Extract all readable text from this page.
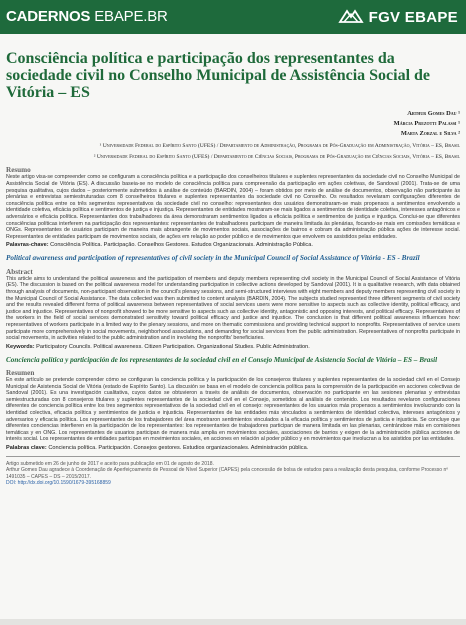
CADERNOS EBAPE.BR	FGV EBAPE
Consciência política e participação dos representantes da sociedade civil no Conselho Municipal de Assistência Social de Vitória – ES
Arthur Gomes Dau ¹
Márcia Prezotti Palassi ¹
Marta Zorzal e Silva ²
¹ Universidade Federal do Espírito Santo (UFES) / Departamento de Administração, Programa de Pós-Graduação em Administração, Vitória – ES, Brasil
² Universidade Federal do Espírito Santo (UFES) / Departamento de Ciências Sociais, Programa de Pós-Graduação em Ciências Sociais, Vitória – ES, Brasil
Resumo

Neste artigo visa-se compreender como se configuram a consciência política e a participação dos conselheiros titulares e suplentes representantes da sociedade civil no Conselho Municipal de Assistência Social de Vitória (ES). A discussão baseia-se no modelo de consciência política para compreensão da participação em ações coletivas, de Sandoval (2001). Trata-se de uma pesquisa qualitativa, cujos dados – posteriormente submetidos à análise de conteúdo (BARDIN, 2004) – foram obtidos por meio de análise de documentos, observação não participante às plenárias e entrevistas semiestruturadas com 8 conselheiros titulares e suplentes representantes da sociedade civil no Conselho. Os resultados revelaram configurações diferentes de consciência política entre os três segmentos representativos da sociedade civil no conselho: representantes dos usuários demonstraram-se mais propensos a sentimentos envolvendo a identidade coletiva, eficácia política e sentimentos de justiça e injustiça. Representantes de entidades mostraram-se mais ligados a sentimentos de identidade coletiva, interesses antagônicos e adversários e eficácia política. Representantes dos trabalhadores da área demonstraram sentimentos ligados a eficácia política e sentimentos de justiça e injustiça. Conclui-se que diferentes consciências políticas interferem na participação dos representantes: representantes de trabalhadores participam de maneira limitada às plenárias, focando-se mais em comissões temáticas e ONGs. Representantes de usuários participam de maneira mais abrangente de movimentos sociais, associações de bairros e cobram da administração pública ações de interesse social. Representantes de entidades participam de movimentos sociais, de ações em relação ao poder público e de movimentos que envolvem os assistidos pelas entidades.

Palavras-chave: Consciência Política. Participação. Conselhos Gestores. Estudos Organizacionais. Administração Pública.
Political awareness and participation of representatives of civil society in the Municipal Council of Social Assistance of Vitória - ES - Brazil
Abstract

This article aims to understand the political awareness and the participation of members and deputy members representing civil society in the Municipal Council of Social Assistance of Vitória (ES). The discussion is based on the political awareness model for understanding participation in collective actions developed by Sandoval (2001). It is a qualitative research, with data obtained through analysis of documents, non-participant observation in the council's plenary sessions, and semi-structured interviews with eight members and deputy members representing civil society in the Municipal Council of Social Assistance. The data collected was then submitted to content analysis (BARDIN, 2004). The subjects studied represented three different segments of civil society and the results revealed different forms of political awareness between representatives of social services users were more sensitive to aspects such as collective identity, political efficacy, and justice and injustice. Representatives of nonprofit showed to be more sensitive to aspects such as collective identity, antagonistic and opposing interests, and political efficacy. Representatives of the workers in the field of social services demonstrated sensitivity toward political efficacy and justice and injustice. The conclusion is that different political awareness influences how: representatives of workers participate in a limited way to the plenary sessions, and more on thematic commissions and providing technical support to nonprofits. Representatives of service users participate more comprehensively in social movements, neighborhood associations, and demanding for social services from the public administration. Representatives of nonprofits participate in social movements, in activities related to the public administration and in involving the nonprofits' beneficiaries.

Keywords: Participatory Councils. Political awareness. Citizen Participation. Organizational Studies. Public Administration.
Conciencia política y participación de los representantes de la sociedad civil en el Consejo Municipal de Asistencia Social de Vitória – ES – Brasil
Resumen

En este artículo se pretende comprender cómo se configuran la conciencia política y la participación de los consejeros titulares y suplentes representantes de la sociedad civil en el Consejo Municipal de Asistencia Social de Vitória (estado de Espírito Santo). La discusión se basa en el modelo de conciencia política para la comprensión de la participación en acciones colectivas de Sandoval (2001). Es una investigación cualitativa, cuyos datos se obtuvieron a través de análisis de documentos, observación no participante en las sesiones plenarias y entrevistas semiestructuradas con 8 consejeros titulares y suplentes representantes de la sociedad civil en el Consejo, sometidos al análisis de contenido. Los resultados revelaron configuraciones diferentes de conciencia política entre los tres segmentos representativos de la sociedad civil en el consejo: representantes de los usuarios más propensos a sentimientos involucrando con la identidad colectiva, eficacia política y sentimientos de justicia e injusticia. Representantes de las entidades más vinculados a sentimientos de identidad colectiva, intereses antagónicos y adversarios y eficacia política. Los representantes de los trabajadores del área mostraron sentimientos vinculados a la eficacia política y sentimientos de justicia e injusticia. Se concluye que diferentes conciencias interfieren en la participación de los representantes: los representantes de trabajadores participan de manera limitada en las plenarias, centrándose más en comisiones temáticas y en ONG. Los representantes de usuarios participan de manera más amplia en movimientos sociales, asociaciones de barrios y exigen de la administración pública acciones de interés social. Los representantes de entidades participan en movimientos sociales, en acciones en relación al poder público y en movimientos que involucran a los asistidos por las entidades.

Palabras clave: Conciencia política. Participación. Consejos gestores. Estudios organizacionales. Administración pública.
Artigo submetido em 26 de junho de 2017 e aceito para publicação em 01 de agosto de 2018.
Arthur Gomes Dau agradece à Coordenação de Aperfeiçoamento de Pessoal de Nível Superior (CAPES) pela concessão de bolsa de estudos para a realização desta pesquisa, conforme Processo nº 1491035 – CAPES – DS – 2015/2017.
DOI: http://dx.doi.org/10.1590/1679-395168859
